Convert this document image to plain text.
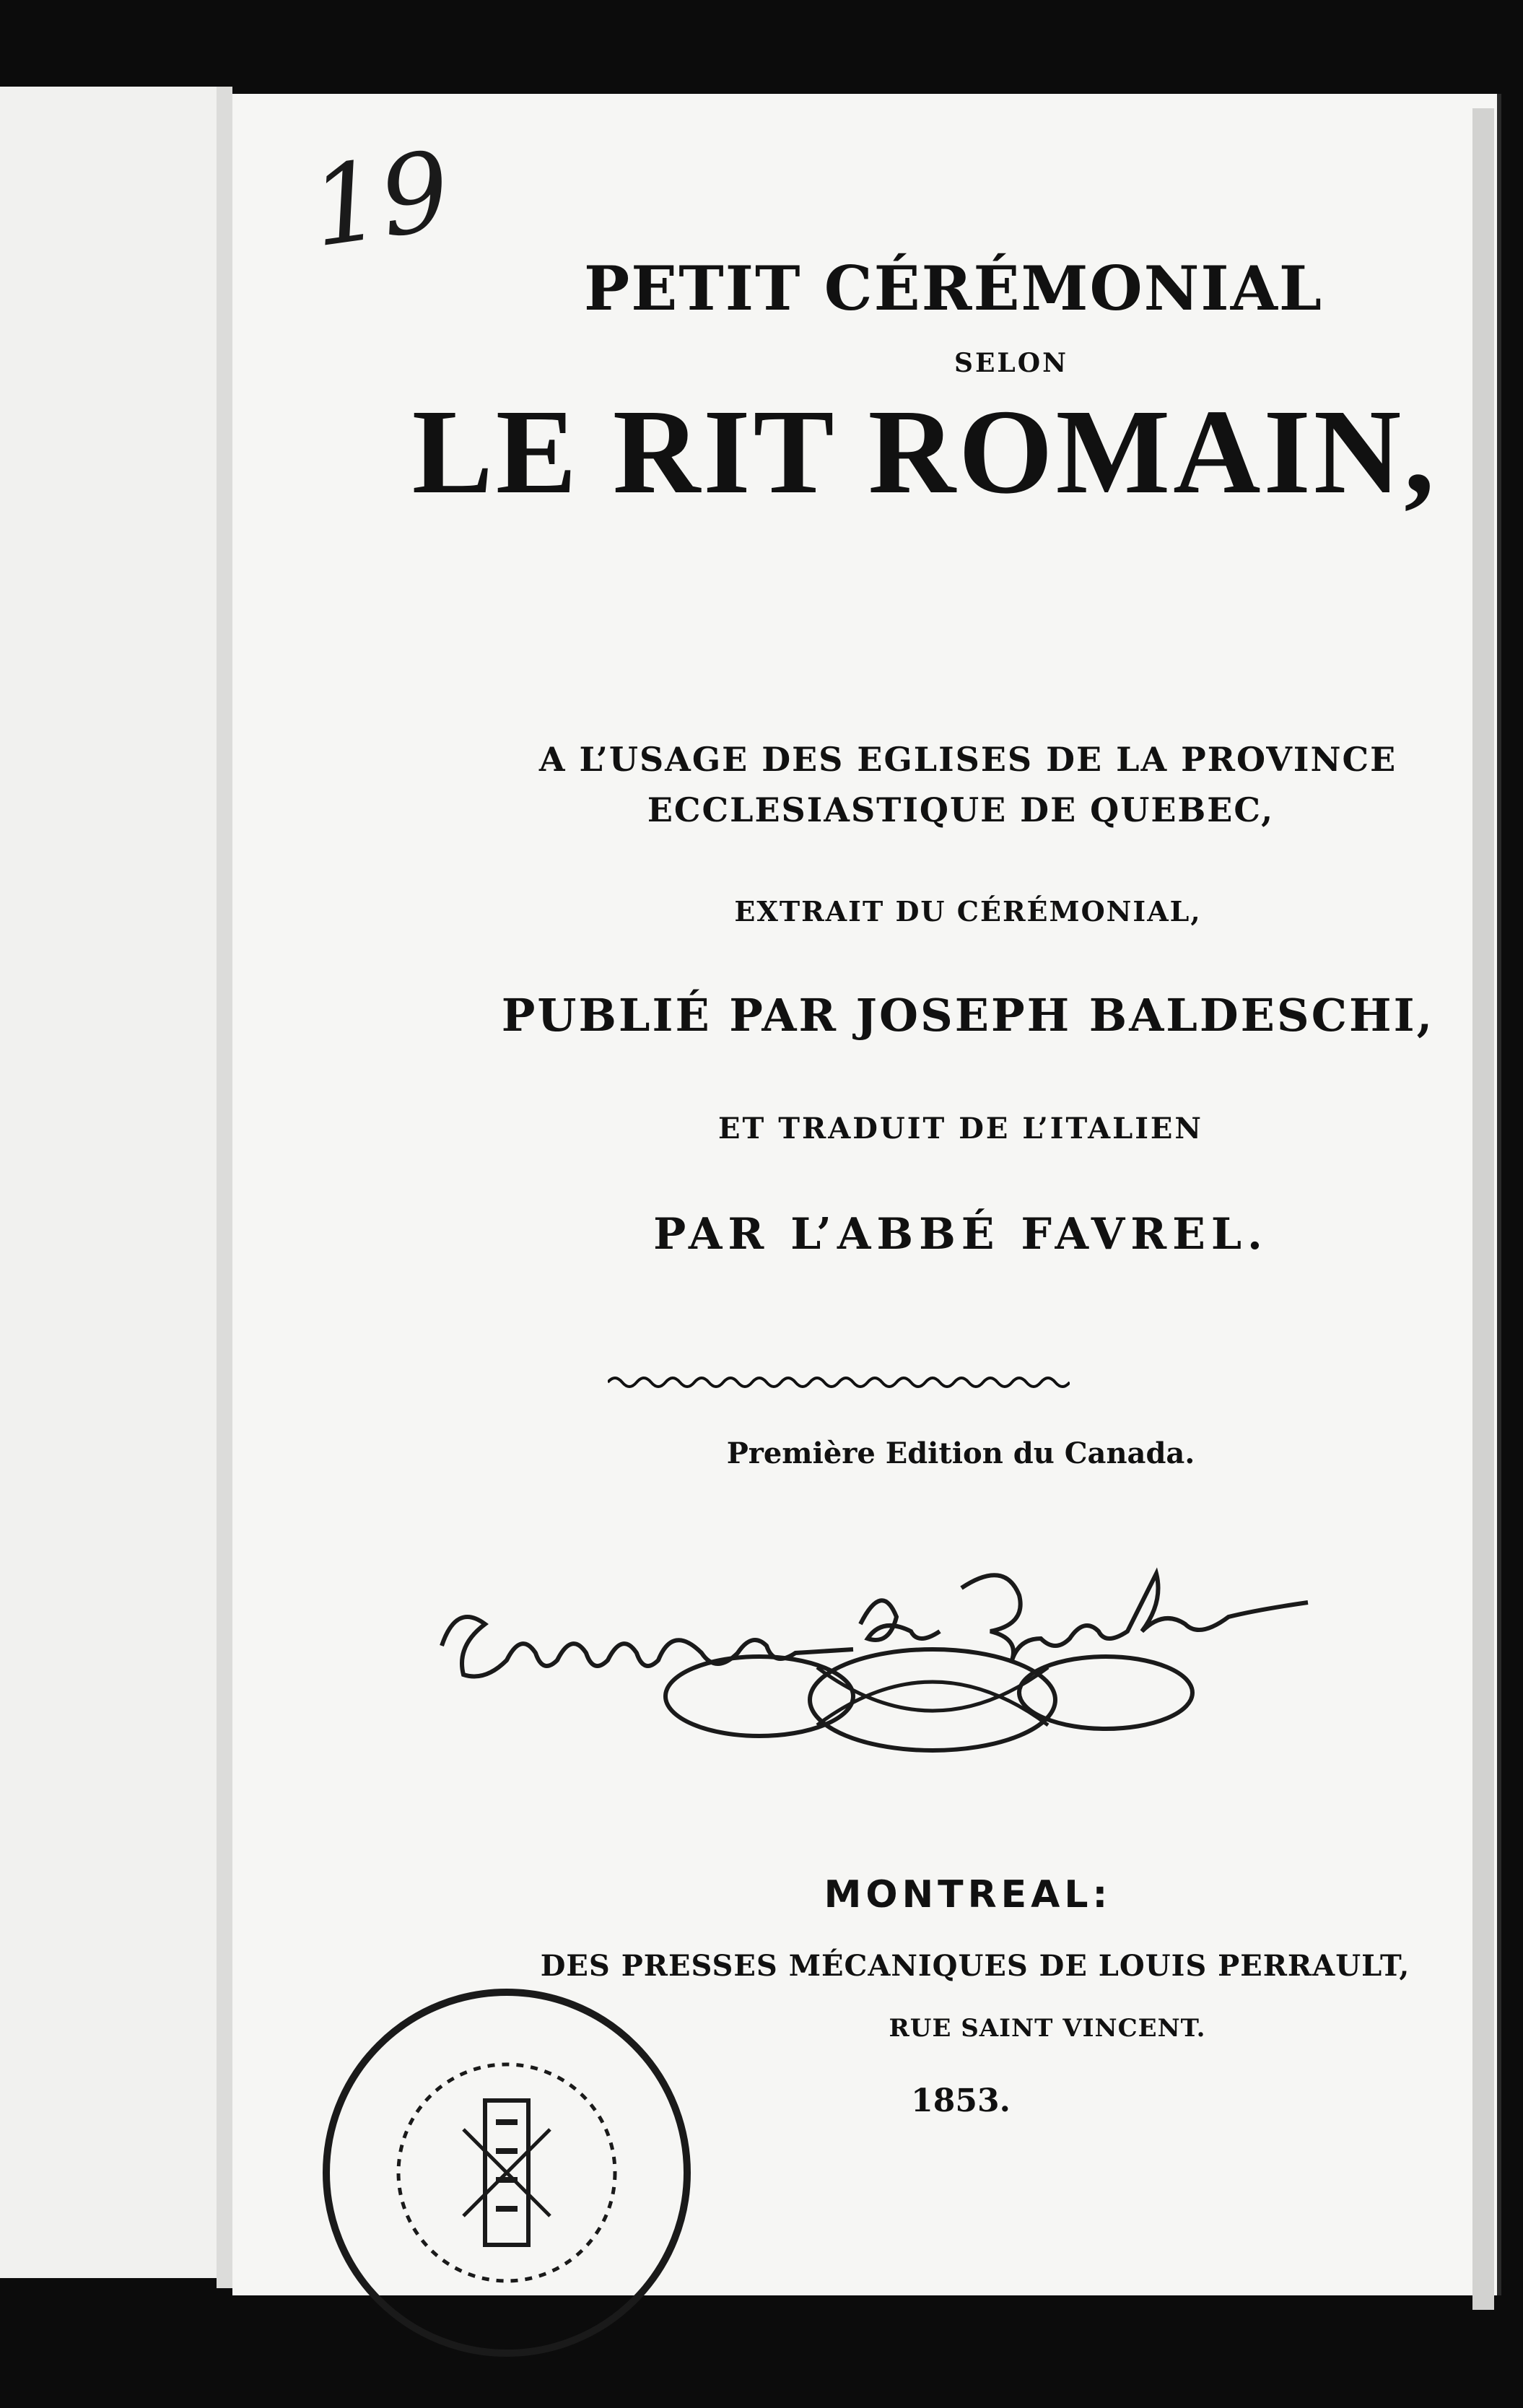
19
PETIT CÉRÉMONIAL
SELON
LE RIT ROMAIN,
A L’USAGE DES EGLISES DE LA PROVINCE
ECCLESIASTIQUE DE QUEBEC,
EXTRAIT DU CÉRÉMONIAL,
PUBLIÉ PAR JOSEPH BALDESCHI,
ET TRADUIT DE L’ITALIEN
PAR L’ABBÉ FAVREL.
Première Edition du Canada.
MONTREAL:
DES PRESSES MÉCANIQUES DE LOUIS PERRAULT,
RUE SAINT VINCENT.
1853.
